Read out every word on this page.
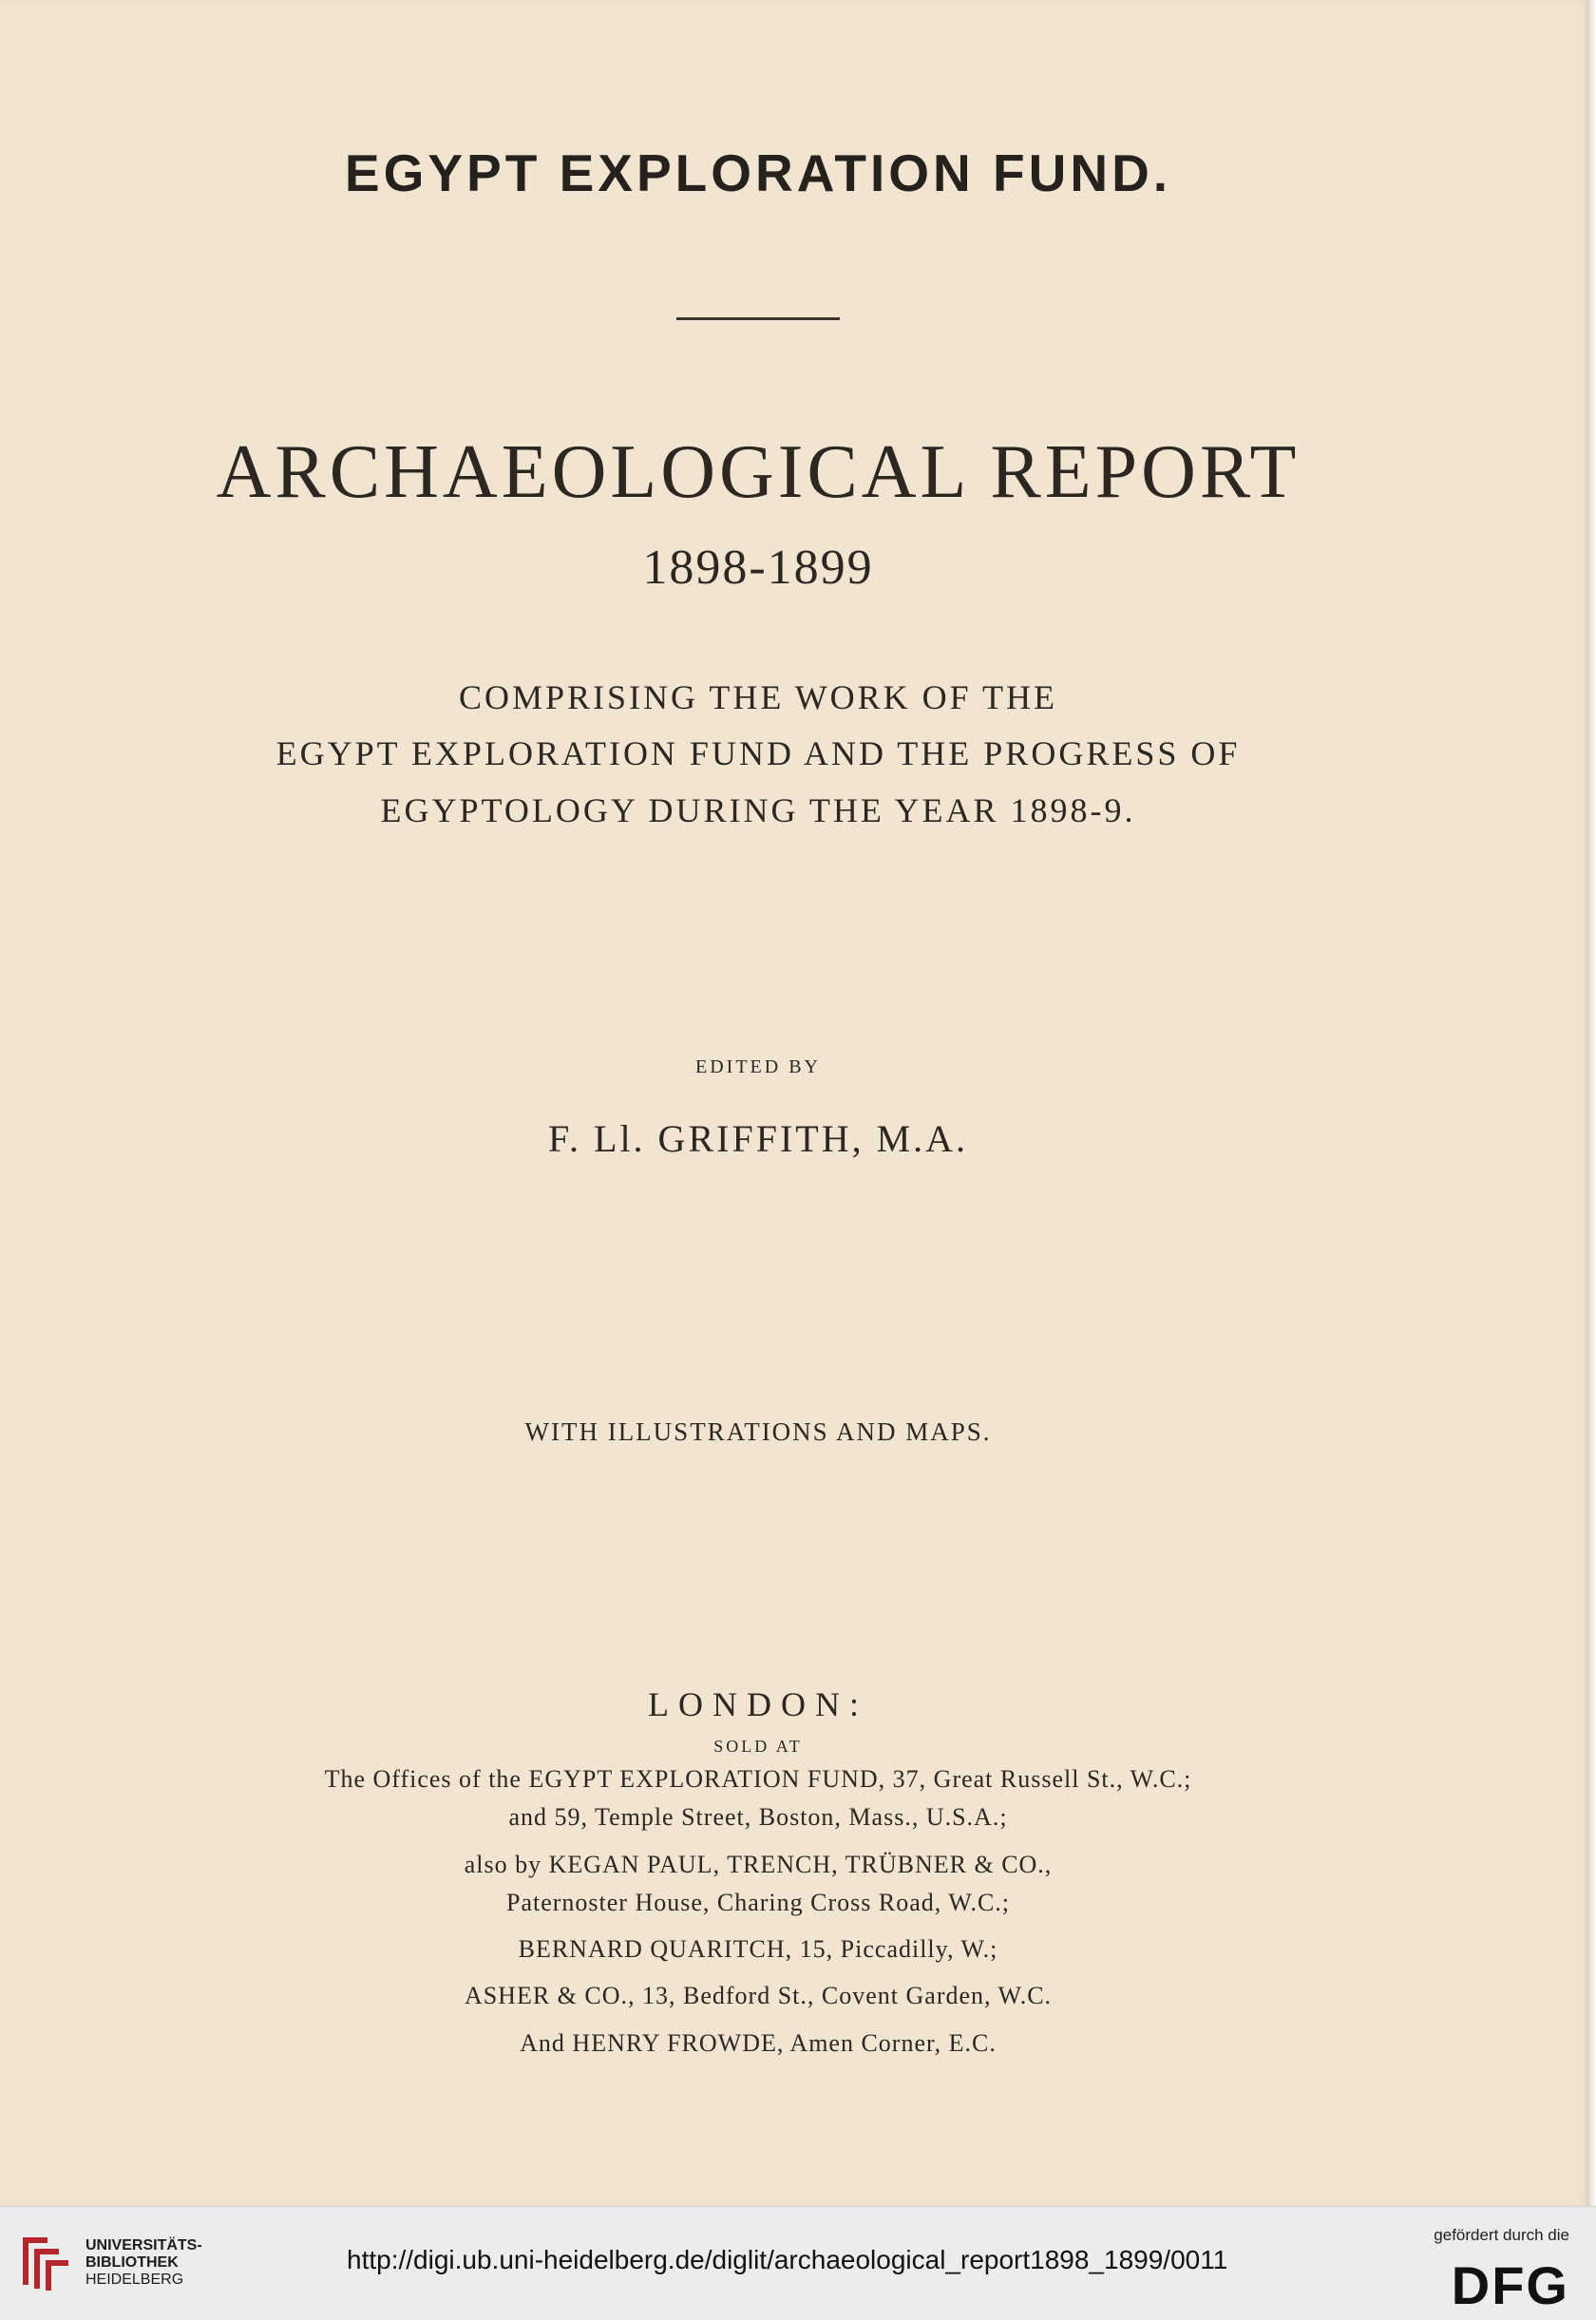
EGYPT EXPLORATION FUND.
ARCHAEOLOGICAL REPORT
1898-1899
COMPRISING THE WORK OF THE
EGYPT EXPLORATION FUND AND THE PROGRESS OF
EGYPTOLOGY DURING THE YEAR 1898-9.
EDITED BY
F. Ll. GRIFFITH, M.A.
WITH ILLUSTRATIONS AND MAPS.
LONDON:
SOLD AT
The Offices of the EGYPT EXPLORATION FUND, 37, Great Russell St., W.C.;
and 59, Temple Street, Boston, Mass., U.S.A.;
also by KEGAN PAUL, TRENCH, TRÜBNER & CO.,
Paternoster House, Charing Cross Road, W.C.;
BERNARD QUARITCH, 15, Piccadilly, W.;
ASHER & CO., 13, Bedford St., Covent Garden, W.C.
And HENRY FROWDE, Amen Corner, E.C.
UNIVERSITÄTS-
BIBLIOTHEK
HEIDELBERG
http://digi.ub.uni-heidelberg.de/diglit/archaeological_report1898_1899/0011
gefördert durch die
DFG
